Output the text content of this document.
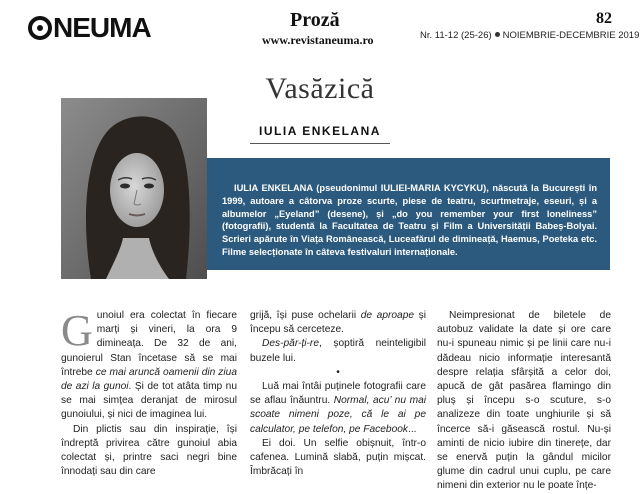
NEUMA	Proză
www.revistaneuma.ro
82
Nr. 11-12 (25-26) NOIEMBRIE-DECEMBRIE 2019
Vasăzică
IULIA ENKELANA
IULIA ENKELANA (pseudonimul IULIEI-MARIA KYCYKU), născută la București în 1999, autoare a câtorva proze scurte, piese de teatru, scurtmetraje, eseuri, și a albumelor „Eyeland” (desene), și „do you remember your first loneliness” (fotografii), studentă la Facultatea de Teatru și Film a Universității Babeș-Bolyai. Scrieri apărute în Viața Românească, Luceafărul de dimineață, Haemus, Poeteka etc. Filme selecționate în câteva festivaluri internaționale.

Gunoiul era colectat în fiecare marți și vineri, la ora 9 dimineața. De 32 de ani, gunoierul Stan încetase să se mai întrebe ce mai aruncă oamenii din ziua de azi la gunoi. Și de tot atâta timp nu se mai simțea deranjat de mirosul gunoiului, și nici de imaginea lui.

Din plictis sau din inspirație, își îndreptă privirea către gunoiul abia colectat și, printre saci negri bine înnodați sau din care

grijă, își puse ochelarii de aproape și începu să cerceteze.

Des-păr-ți-re, șoptiră neinteligibil buzele lui.

•

Luă mai întâi puținele fotografii care se aflau înăuntru. Normal, acu’ nu mai scoate nimeni poze, că le ai pe calculator, pe telefon, pe Facebook...

Ei doi. Un selfie obișnuit, într-o cafenea. Lumină slabă, puțin mișcat. Îmbrăcați în

Neimpresionat de biletele de autobuz validate la date și ore care nu-i spuneau nimic și pe linii care nu-i dădeau nicio informație interesantă despre relația sfârșită a celor doi, apucă de gât pasărea flamingo din pluș și începu s-o scuture, s-o analizeze din toate unghiurile și să încerce să-i găsească rostul. Nu-și aminti de nicio iubire din tinerețe, dar se enervă puțin la gândul micilor glume din cadrul unui cuplu, pe care nimeni din exterior nu le poate înțe-
